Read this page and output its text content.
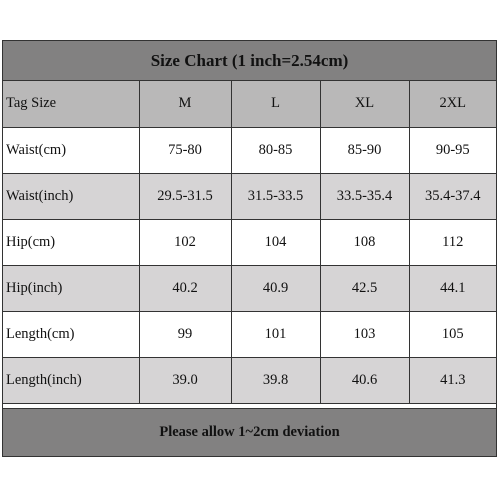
Size Chart (1 inch=2.54cm)
Tag Size	M	L	XL	2XL
Waist(cm)	75-80	80-85	85-90	90-95
Waist(inch)	29.5-31.5	31.5-33.5	33.5-35.4	35.4-37.4
Hip(cm)	102	104	108	112
Hip(inch)	40.2	40.9	42.5	44.1
Length(cm)	99	101	103	105
Length(inch)	39.0	39.8	40.6	41.3
Please allow 1~2cm deviation
